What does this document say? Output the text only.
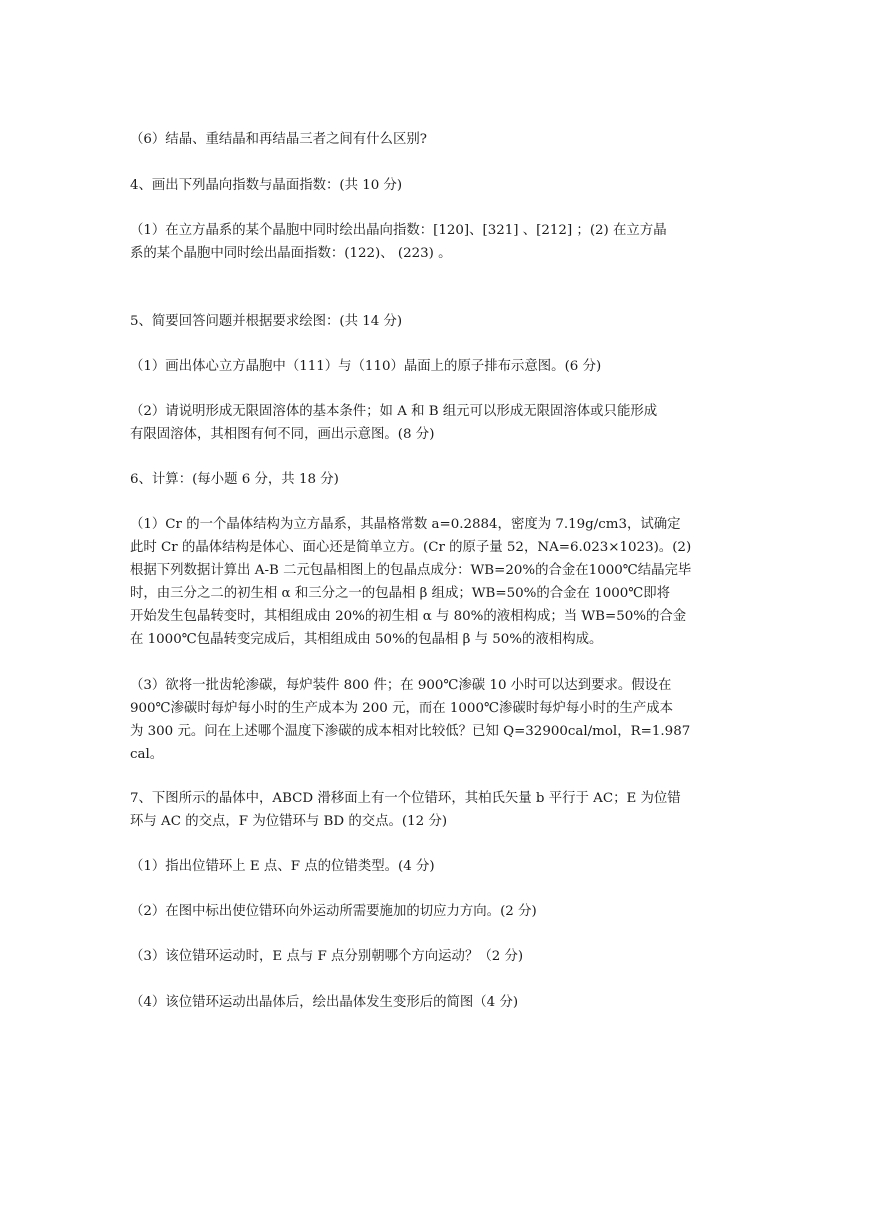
（6）结晶、重结晶和再结晶三者之间有什么区别?

4、画出下列晶向指数与晶面指数：(共 10 分)

（1）在立方晶系的某个晶胞中同时绘出晶向指数：[120]、[321] 、[212] ；(2) 在立方晶
系的某个晶胞中同时绘出晶面指数：(122)、 (223) 。

5、简要回答问题并根据要求绘图：(共 14 分)

（1）画出体心立方晶胞中（111）与（110）晶面上的原子排布示意图。(6 分)

（2）请说明形成无限固溶体的基本条件；如 A 和 B 组元可以形成无限固溶体或只能形成
有限固溶体，其相图有何不同，画出示意图。(8 分)

6、计算：(每小题 6 分，共 18 分)

（1）Cr 的一个晶体结构为立方晶系，其晶格常数 a=0.2884，密度为 7.19g/cm3，试确定
此时 Cr 的晶体结构是体心、面心还是简单立方。(Cr 的原子量 52，NA=6.023×1023)。(2)
根据下列数据计算出 A-B 二元包晶相图上的包晶点成分：WB=20%的合金在1000℃结晶完毕
时，由三分之二的初生相 α 和三分之一的包晶相 β 组成；WB=50%的合金在 1000℃即将
开始发生包晶转变时，其相组成由 20%的初生相 α 与 80%的液相构成；当 WB=50%的合金
在 1000℃包晶转变完成后，其相组成由 50%的包晶相 β 与 50%的液相构成。

（3）欲将一批齿轮渗碳，每炉装件 800 件；在 900℃渗碳 10 小时可以达到要求。假设在
900℃渗碳时每炉每小时的生产成本为 200 元，而在 1000℃渗碳时每炉每小时的生产成本
为 300 元。问在上述哪个温度下渗碳的成本相对比较低？已知 Q=32900cal/mol，R=1.987
cal。

7、下图所示的晶体中，ABCD 滑移面上有一个位错环，其柏氏矢量 b 平行于 AC；E 为位错
环与 AC 的交点，F 为位错环与 BD 的交点。(12 分)

（1）指出位错环上 E 点、F 点的位错类型。(4 分)

（2）在图中标出使位错环向外运动所需要施加的切应力方向。(2 分)

（3）该位错环运动时，E 点与 F 点分别朝哪个方向运动？（2 分)

（4）该位错环运动出晶体后，绘出晶体发生变形后的简图（4 分)
